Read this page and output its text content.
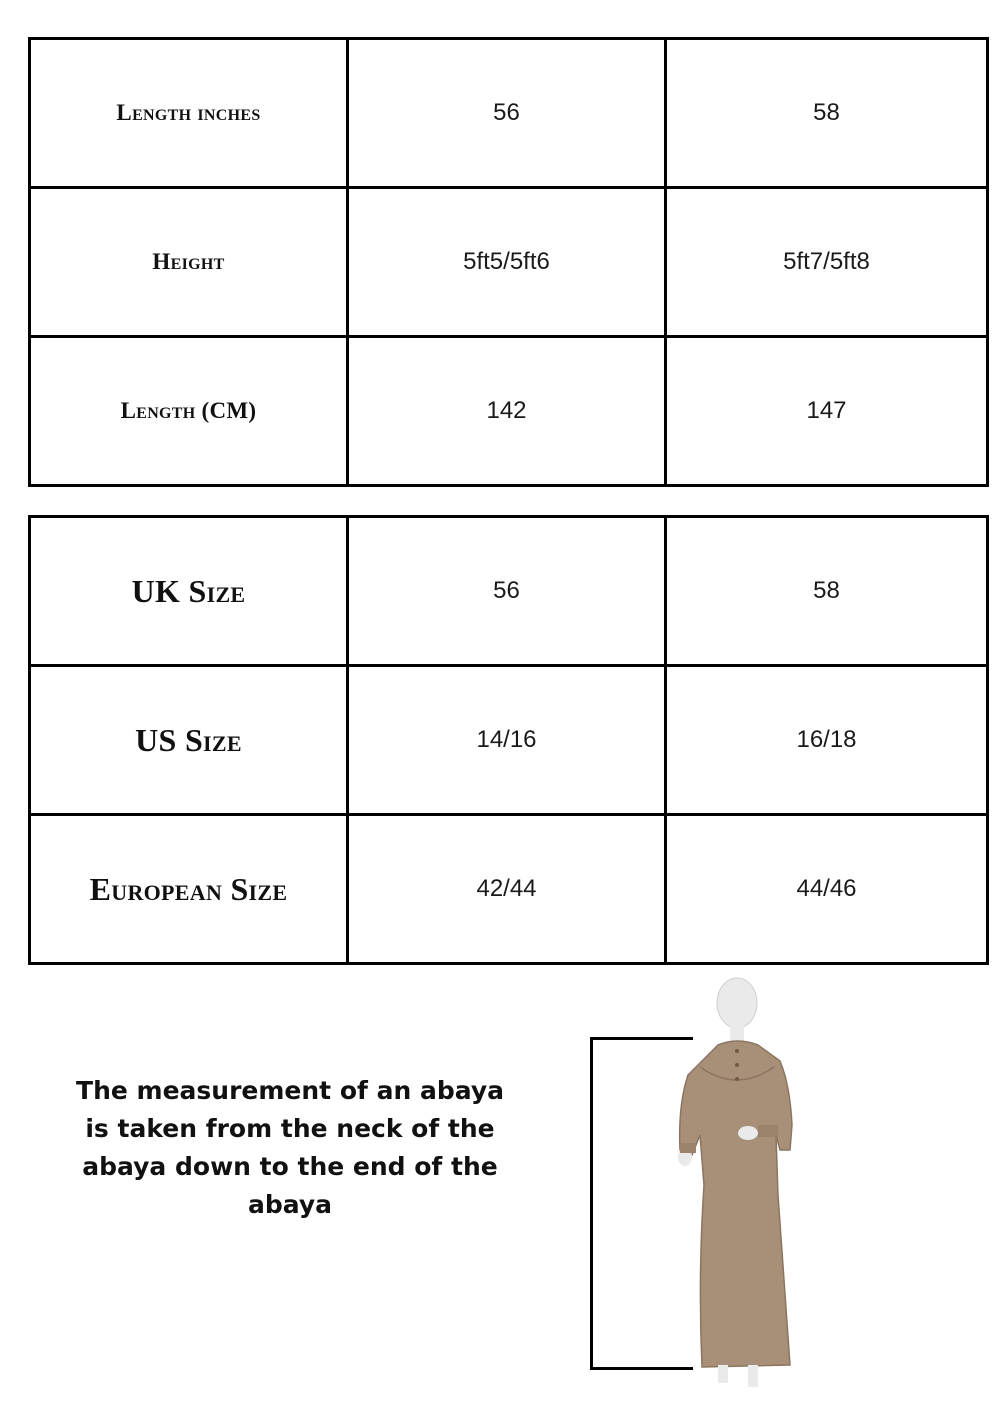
Length inches	56	58
Height	5ft5/5ft6	5ft7/5ft8
Length (CM)	142	147
UK Size	56	58
US Size	14/16	16/18
European Size	42/44	44/46
The measurement of an abaya is taken from the neck of the abaya down to the end of the abaya
